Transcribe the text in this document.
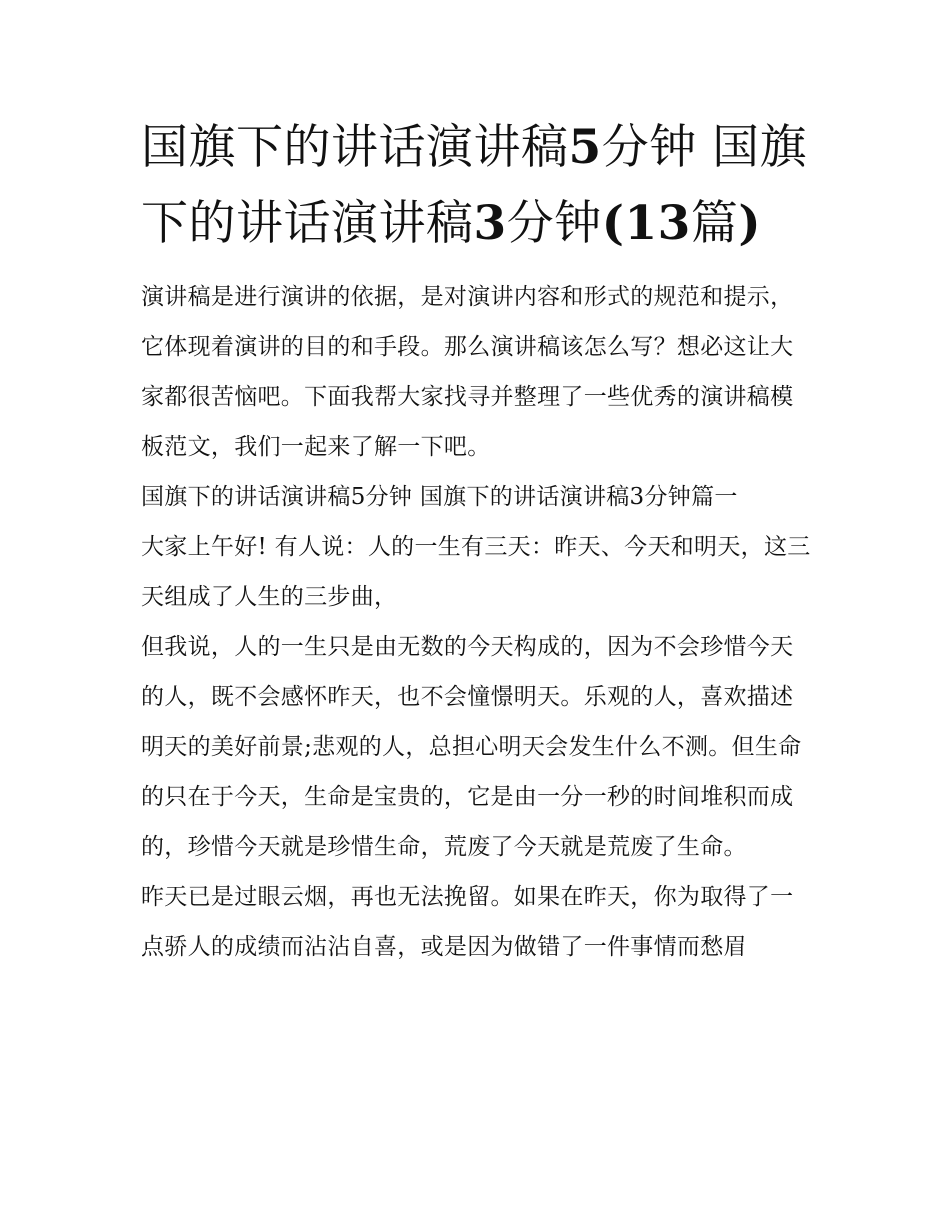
国旗下的讲话演讲稿5分钟 国旗下的讲话演讲稿3分钟(13篇)

演讲稿是进行演讲的依据，是对演讲内容和形式的规范和提示，它体现着演讲的目的和手段。那么演讲稿该怎么写？想必这让大家都很苦恼吧。下面我帮大家找寻并整理了一些优秀的演讲稿模板范文，我们一起来了解一下吧。

国旗下的讲话演讲稿5分钟 国旗下的讲话演讲稿3分钟篇一

大家上午好! 有人说：人的一生有三天：昨天、今天和明天，这三天组成了人生的三步曲，

但我说，人的一生只是由无数的今天构成的，因为不会珍惜今天的人，既不会感怀昨天，也不会憧憬明天。乐观的人，喜欢描述明天的美好前景;悲观的人，总担心明天会发生什么不测。但生命的只在于今天，生命是宝贵的，它是由一分一秒的时间堆积而成的，珍惜今天就是珍惜生命，荒废了今天就是荒废了生命。

昨天已是过眼云烟，再也无法挽留。如果在昨天，你为取得了一点骄人的成绩而沾沾自喜，或是因为做错了一件事情而愁眉
